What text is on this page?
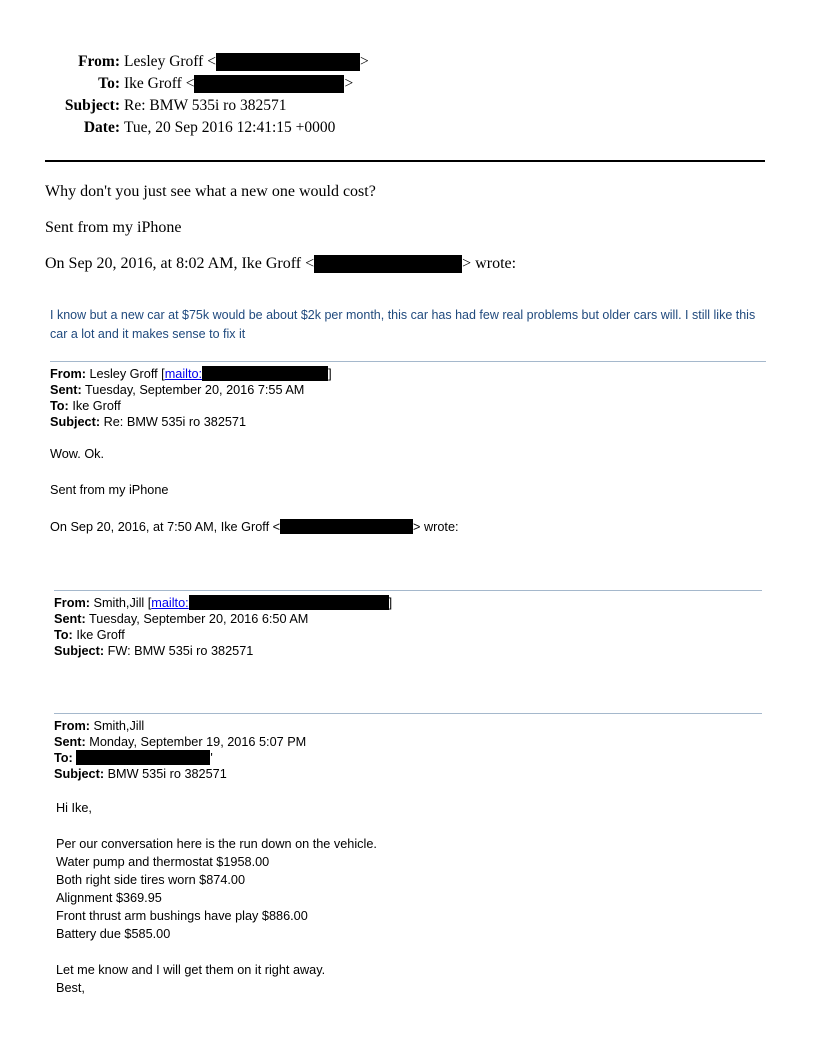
From: Lesley Groff <	>
To: Ike Groff <	>
Subject: Re: BMW 535i ro 382571
Date: Tue, 20 Sep 2016 12:41:15 +0000
Why don't you just see what a new one would cost?
Sent from my iPhone
On Sep 20, 2016, at 8:02 AM, Ike Groff <	> wrote:
I know but a new car at $75k would be about $2k per month, this car has had few real problems but older cars will. I still like this car a lot and it makes sense to fix it
From: Lesley Groff [mailto:	]
Sent: Tuesday, September 20, 2016 7:55 AM
To: Ike Groff
Subject: Re: BMW 535i ro 382571
Wow. Ok.
Sent from my iPhone
On Sep 20, 2016, at 7:50 AM, Ike Groff <	> wrote:
From: Smith,Jill [mailto:	]
Sent: Tuesday, September 20, 2016 6:50 AM
To: Ike Groff
Subject: FW: BMW 535i ro 382571
From: Smith,Jill
Sent: Monday, September 19, 2016 5:07 PM
To:	'
Subject: BMW 535i ro 382571
Hi Ike,
Per our conversation here is the run down on the vehicle.
Water pump and thermostat $1958.00
Both right side tires worn $874.00
Alignment $369.95
Front thrust arm bushings have play $886.00
Battery due $585.00
Let me know and I will get them on it right away.
Best,
